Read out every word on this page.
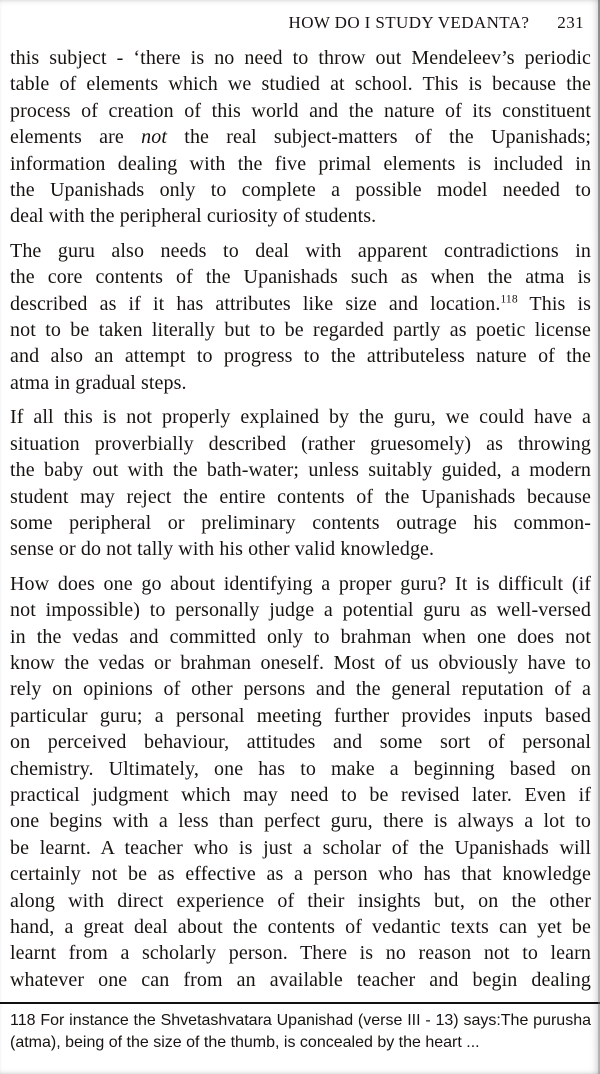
HOW DO I STUDY VEDANTA? 231
this subject - ‘there is no need to throw out Mendeleev’s periodic
table of elements which we studied at school. This is because the
process of creation of this world and the nature of its constituent
elements are not the real subject-matters of the Upanishads;
information dealing with the five primal elements is included in
the Upanishads only to complete a possible model needed to
deal with the peripheral curiosity of students.
The guru also needs to deal with apparent contradictions in
the core contents of the Upanishads such as when the atma is
described as if it has attributes like size and location.$^{118}$ This is
not to be taken literally but to be regarded partly as poetic license
and also an attempt to progress to the attributeless nature of the
atma in gradual steps.
If all this is not properly explained by the guru, we could have a
situation proverbially described (rather gruesomely) as throwing
the baby out with the bath-water; unless suitably guided, a modern
student may reject the entire contents of the Upanishads because
some peripheral or preliminary contents outrage his common-
sense or do not tally with his other valid knowledge.
How does one go about identifying a proper guru? It is difficult (if
not impossible) to personally judge a potential guru as well-versed
in the vedas and committed only to brahman when one does not
know the vedas or brahman oneself. Most of us obviously have to
rely on opinions of other persons and the general reputation of a
particular guru; a personal meeting further provides inputs based
on perceived behaviour, attitudes and some sort of personal
chemistry. Ultimately, one has to make a beginning based on
practical judgment which may need to be revised later. Even if
one begins with a less than perfect guru, there is always a lot to
be learnt. A teacher who is just a scholar of the Upanishads will
certainly not be as effective as a person who has that knowledge
along with direct experience of their insights but, on the other
hand, a great deal about the contents of vedantic texts can yet be
learnt from a scholarly person. There is no reason not to learn
whatever one can from an available teacher and begin dealing
118 For instance the Shvetashvatara Upanishad (verse III - 13) says:The purusha
(atma), being of the size of the thumb, is concealed by the heart ...
